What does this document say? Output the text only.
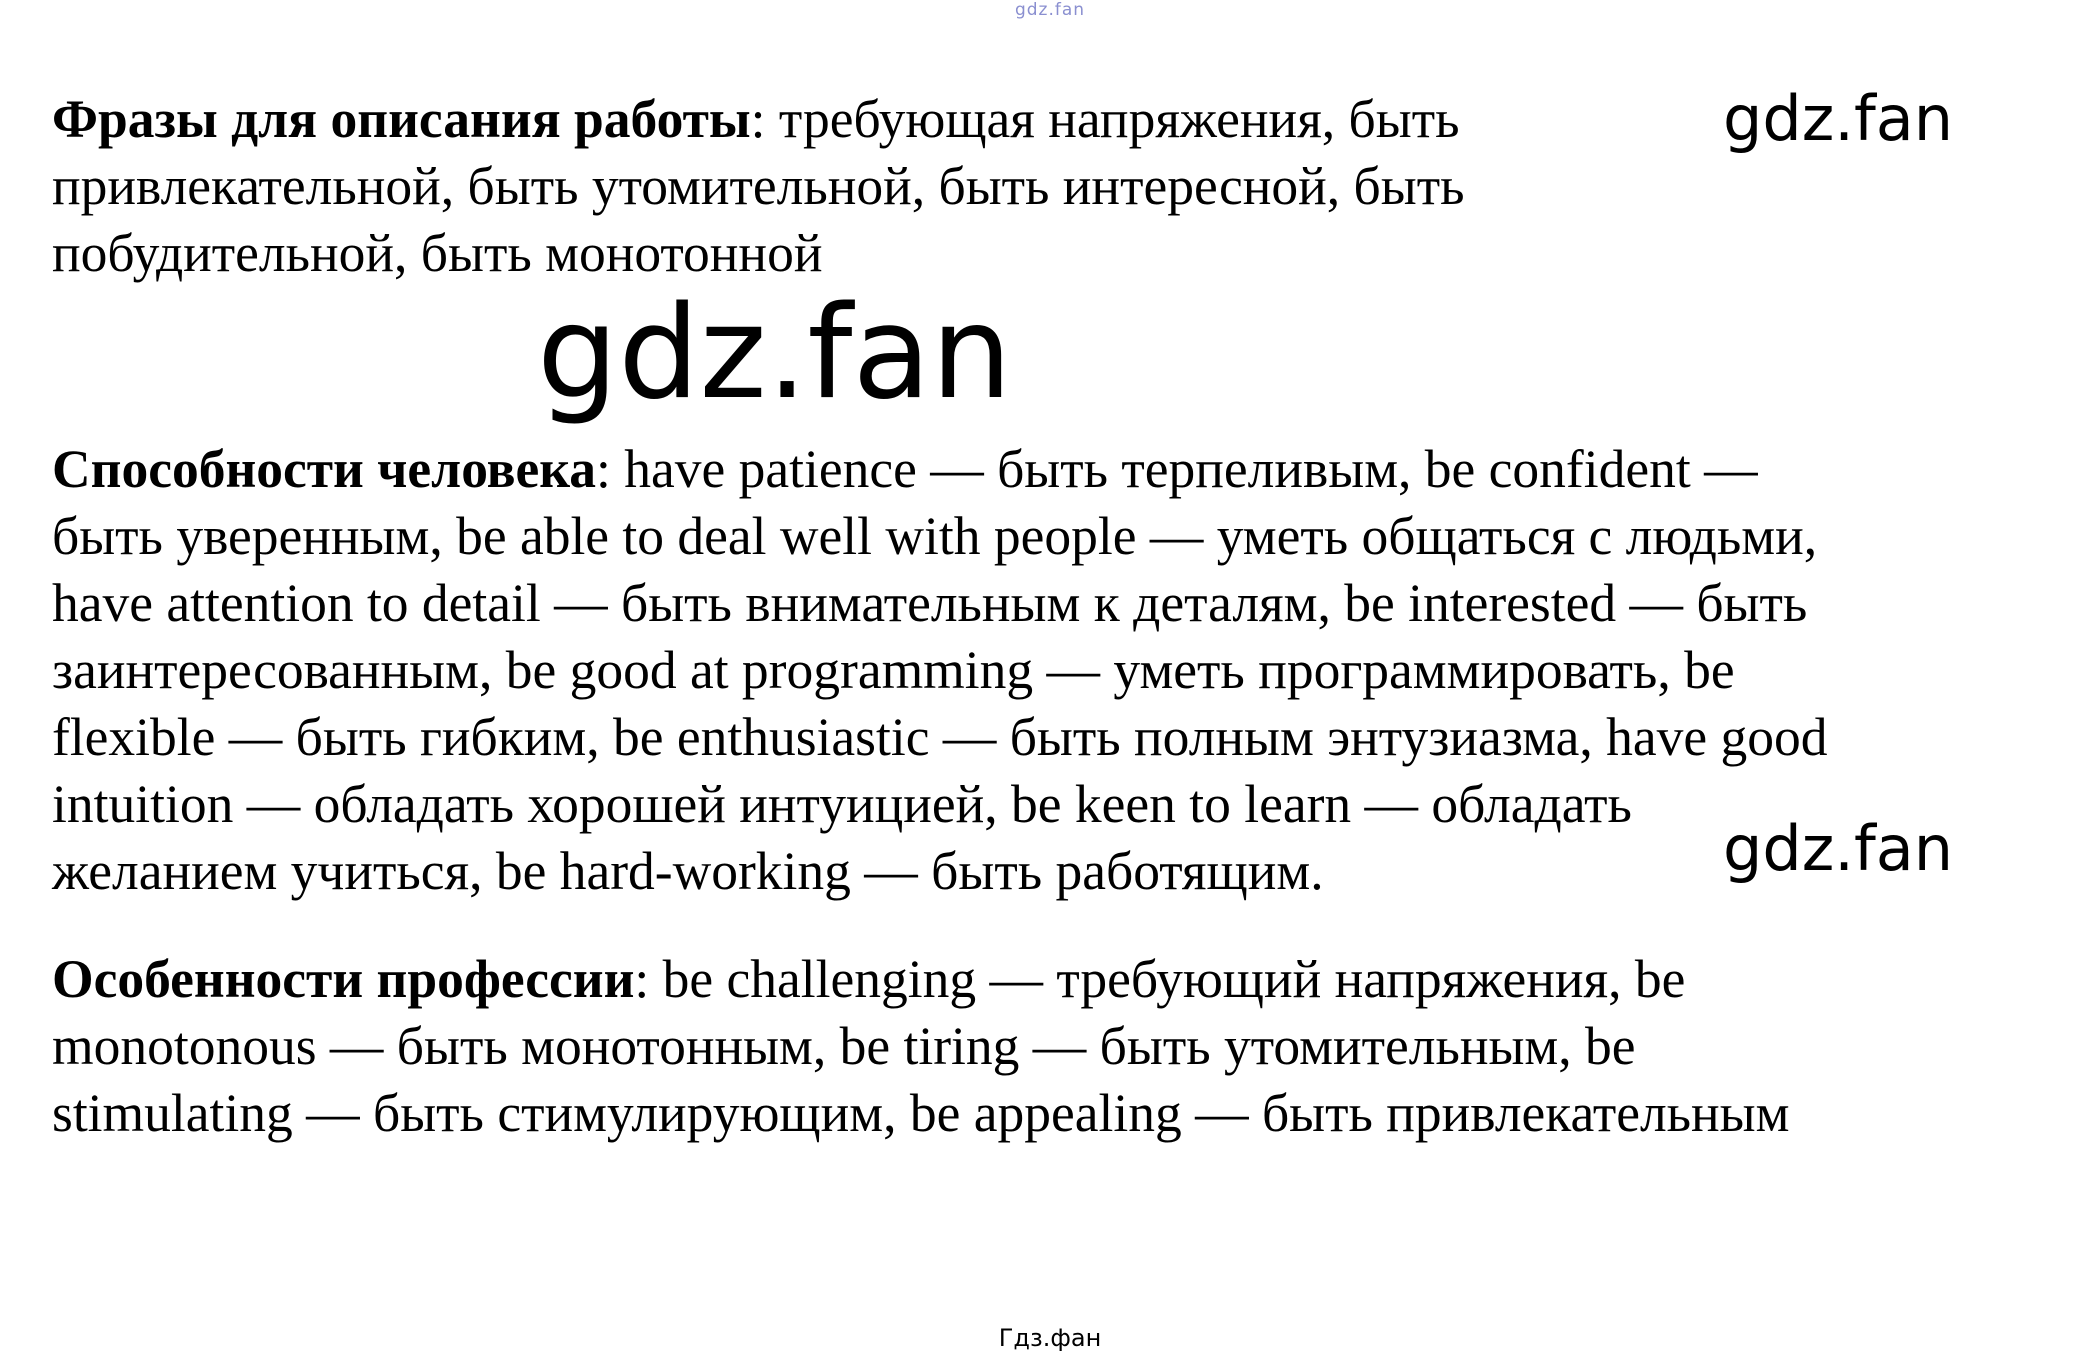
gdz.fan

Фразы для описания работы: требующая напряжения, быть
привлекательной, быть утомительной, быть интересной, быть
побудительной, быть монотонной

Способности человека: have patience — быть терпеливым, be confident —
быть уверенным, be able to deal well with people — уметь общаться с людьми,
have attention to detail — быть внимательным к деталям, be interested — быть
заинтересованным, be good at programming — уметь программировать, be
flexible — быть гибким, be enthusiastic — быть полным энтузиазма, have good
intuition — обладать хорошей интуицией, be keen to learn — обладать
желанием учиться, be hard-working — быть работящим.

Особенности профессии: be challenging — требующий напряжения, be
monotonous — быть монотонным, be tiring — быть утомительным, be
stimulating — быть стимулирующим, be appealing — быть привлекательным

gdz.fan
gdz.fan
gdz.fan
Гдз.фан
